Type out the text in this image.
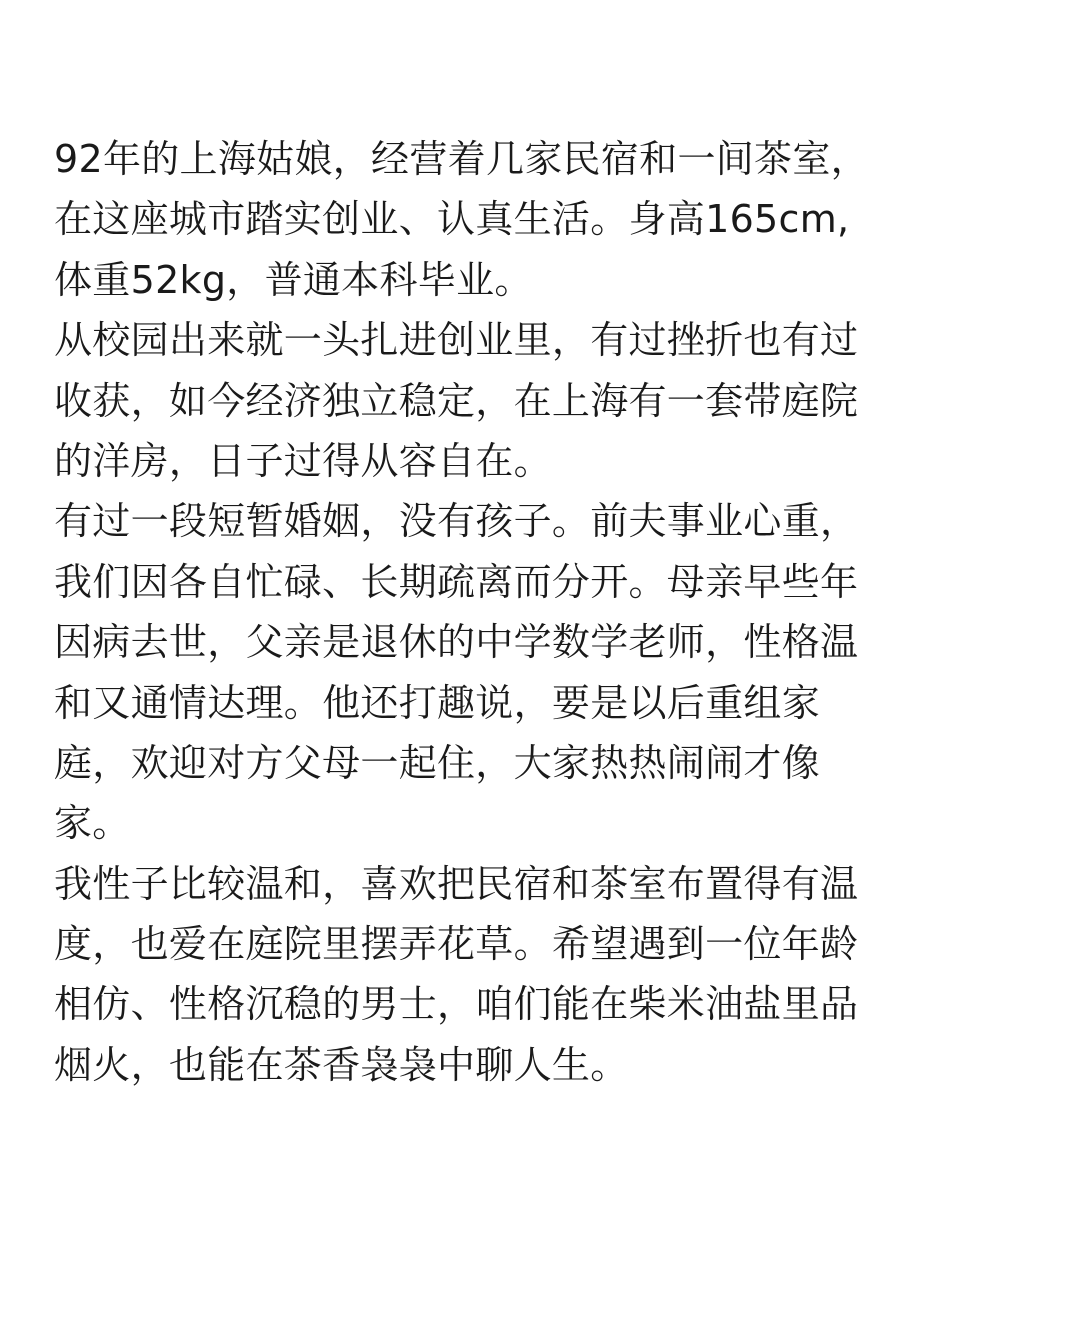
92年的上海姑娘，经营着几家民宿和一间茶室，
在这座城市踏实创业、认真生活。身高165cm,
体重52kg，普通本科毕业。

从校园出来就一头扎进创业里，有过挫折也有过
收获，如今经济独立稳定，在上海有一套带庭院
的洋房，日子过得从容自在。

有过一段短暂婚姻，没有孩子。前夫事业心重，
我们因各自忙碌、长期疏离而分开。母亲早些年
因病去世，父亲是退休的中学数学老师，性格温
和又通情达理。他还打趣说，要是以后重组家
庭，欢迎对方父母一起住，大家热热闹闹才像
家。

我性子比较温和，喜欢把民宿和茶室布置得有温
度，也爱在庭院里摆弄花草。希望遇到一位年龄
相仿、性格沉稳的男士，咱们能在柴米油盐里品
烟火，也能在茶香袅袅中聊人生。
